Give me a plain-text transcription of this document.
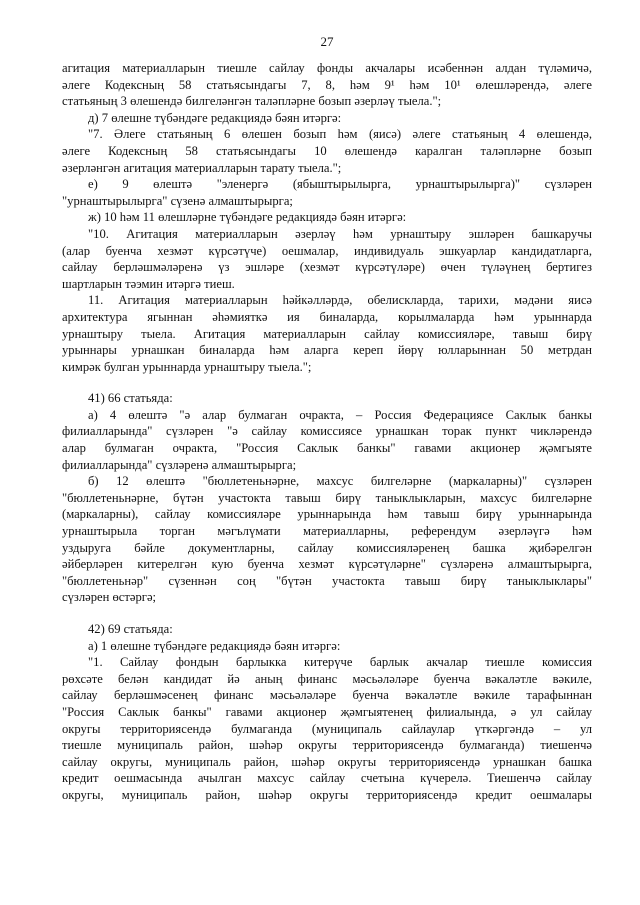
27
агитация материалларын тиешле сайлау фонды акчалары исәбеннән алдан түләмичә,
әлеге Кодексның 58 статьясындагы 7, 8, һәм 9¹ һәм 10¹ өлешләрендә, әлеге
статьяның 3 өлешендә билгеләнгән таләпләрне бозып әзерләү тыела.";
д) 7 өлешне түбәндәге редакциядә бәян итәргә:
"7. Әлеге статьяның 6 өлешен бозып һәм (яисә) әлеге статьяның 4 өлешендә,
әлеге Кодексның 58 статьясындагы 10 өлешендә каралган таләпләрне бозып
әзерләнгән агитация материалларын тарату тыела.";
е) 9 өлештә "эленергә (ябыштырылырга, урнаштырылырга)" сүзләрен
"урнаштырылырга" сүзенә алмаштырырга;
ж) 10 һәм 11 өлешләрне түбәндәге редакциядә бәян итәргә:
"10. Агитация материалларын әзерләү һәм урнаштыру эшләрен башкаручы
(алар буенча хезмәт күрсәтүче) оешмалар, индивидуаль эшкуарлар кандидатларга,
сайлау берләшмәләренә үз эшләре (хезмәт күрсәтүләре) өчен түләүнең бертигез
шартларын тәэмин итәргә тиеш.
11. Агитация материалларын һәйкәлләрдә, обелискларда, тарихи, мәдәни яисә
архитектура ягыннан әһәмияткә ия биналарда, корылмаларда һәм урыннарда
урнаштыру тыела. Агитация материалларын сайлау комиссияләре, тавыш бирү
урыннары урнашкан биналарда һәм аларга кереп йөрү юлларыннан 50 метрдан
кимрәк булган урыннарда урнаштыру тыела.";
41) 66 статьяда:
а) 4 өлештә "ә алар булмаган очракта, – Россия Федерациясе Саклык банкы
филиалларында" сүзләрен "ә сайлау комиссиясе урнашкан торак пункт чикләрендә
алар булмаган очракта, "Россия Саклык банкы" гавами акционер җәмгыяте
филиалларында" сүзләренә алмаштырырга;
б) 12 өлештә "бюллетеньнәрне, махсус билгеләрне (маркаларны)" сүзләрен
"бюллетеньнәрне, бүтән участокта тавыш бирү таныклыкларын, махсус билгеләрне
(маркаларны), сайлау комиссияләре урыннарында һәм тавыш бирү урыннарында
урнаштырыла торган мәгълүмати материалларны, референдум әзерләүгә һәм
уздыруга бәйле документларны, сайлау комиссияләренең башка җибәрелгән
әйберләрен китерелгән кую буенча хезмәт күрсәтүләрне" сүзләренә алмаштырырга,
"бюллетеньнәр" сүзеннән соң "бүтән участокта тавыш бирү таныклыклары"
сүзләрен өстәргә;
42) 69 статьяда:
а) 1 өлешне түбәндәге редакциядә бәян итәргә:
"1. Сайлау фондын барлыкка китерүче барлык акчалар тиешле комиссия
рөхсәте белән кандидат йә аның финанс мәсьәләләре буенча вәкаләтле вәкиле,
сайлау берләшмәсенең финанс мәсьәләләре буенча вәкаләтле вәкиле тарафыннан
"Россия Саклык банкы" гавами акционер җәмгыятенең филиалында, ә ул сайлау
округы территориясендә булмаганда (муниципаль сайлаулар үткәргәндә – ул
тиешле муниципаль район, шәһәр округы территориясендә булмаганда) тиешенчә
сайлау округы, муниципаль район, шәһәр округы территориясендә урнашкан башка
кредит оешмасында ачылган махсус сайлау счетына күчерелә. Тиешенчә сайлау
округы, муниципаль район, шәһәр округы территориясендә кредит оешмалары
